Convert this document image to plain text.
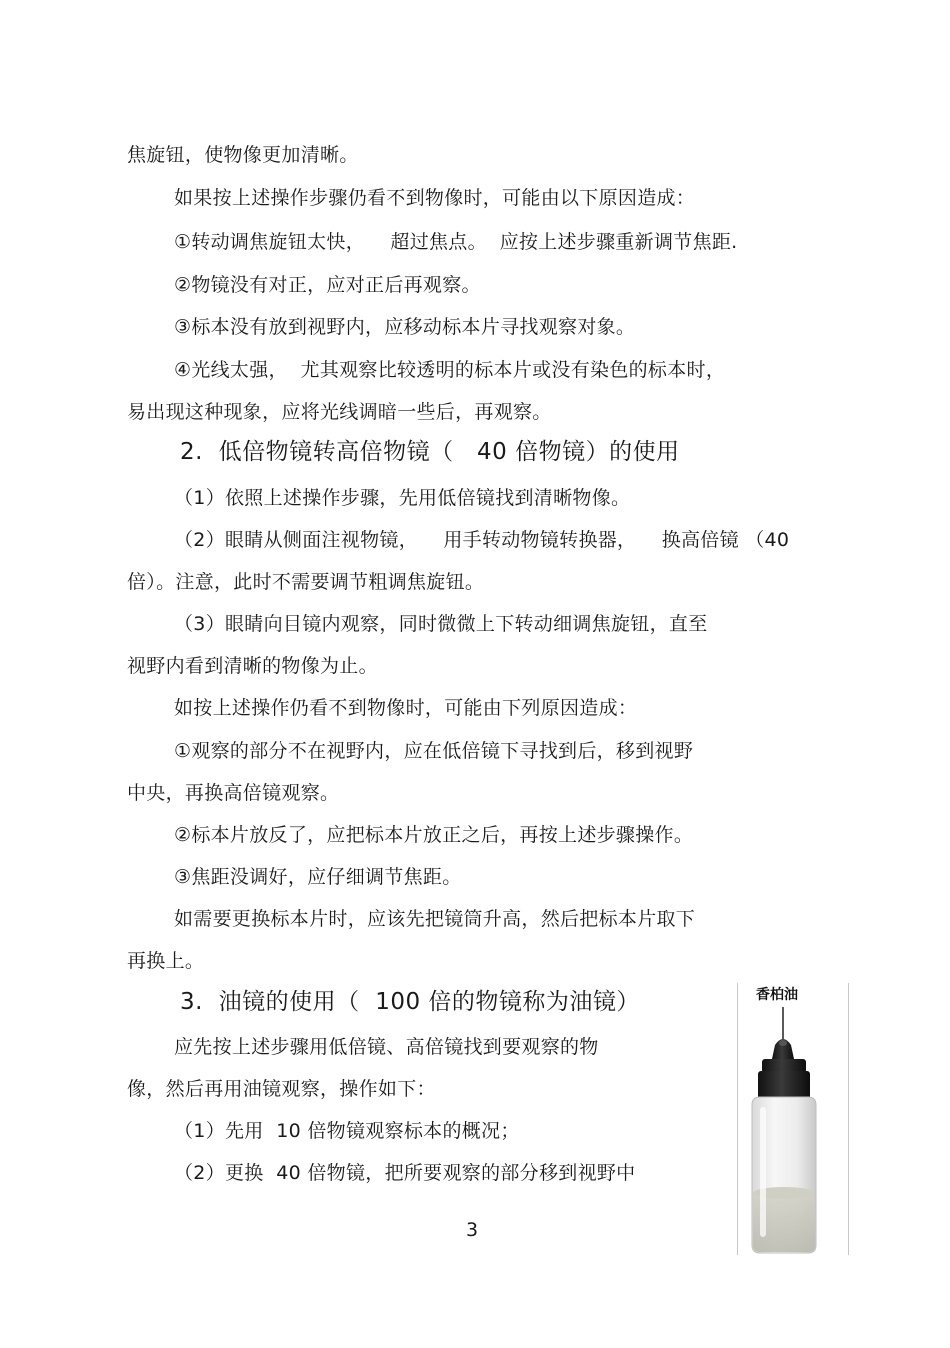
焦旋钮，使物像更加清晰。
如果按上述操作步骤仍看不到物像时，可能由以下原因造成：
①转动调焦旋钮太快，    超过焦点。  应按上述步骤重新调节焦距.
②物镜没有对正，应对正后再观察。
③标本没有放到视野内，应移动标本片寻找观察对象。
④光线太强，  尤其观察比较透明的标本片或没有染色的标本时，
易出现这种现象，应将光线调暗一些后，再观察。
2.  低倍物镜转高倍物镜（   40 倍物镜）的使用
（1）依照上述操作步骤，先用低倍镜找到清晰物像。
（2）眼睛从侧面注视物镜，    用手转动物镜转换器，    换高倍镜 （40
倍）。注意，此时不需要调节粗调焦旋钮。
（3）眼睛向目镜内观察，同时微微上下转动细调焦旋钮，直至
视野内看到清晰的物像为止。
如按上述操作仍看不到物像时，可能由下列原因造成：
①观察的部分不在视野内，应在低倍镜下寻找到后，移到视野
中央，再换高倍镜观察。
②标本片放反了，应把标本片放正之后，再按上述步骤操作。
③焦距没调好，应仔细调节焦距。
如需要更换标本片时，应该先把镜筒升高，然后把标本片取下
再换上。
3.  油镜的使用（  100 倍的物镜称为油镜）
应先按上述步骤用低倍镜、高倍镜找到要观察的物
像，然后再用油镜观察，操作如下：
（1）先用  10 倍物镜观察标本的概况；
（2）更换  40 倍物镜，把所要观察的部分移到视野中
香柏油
3
